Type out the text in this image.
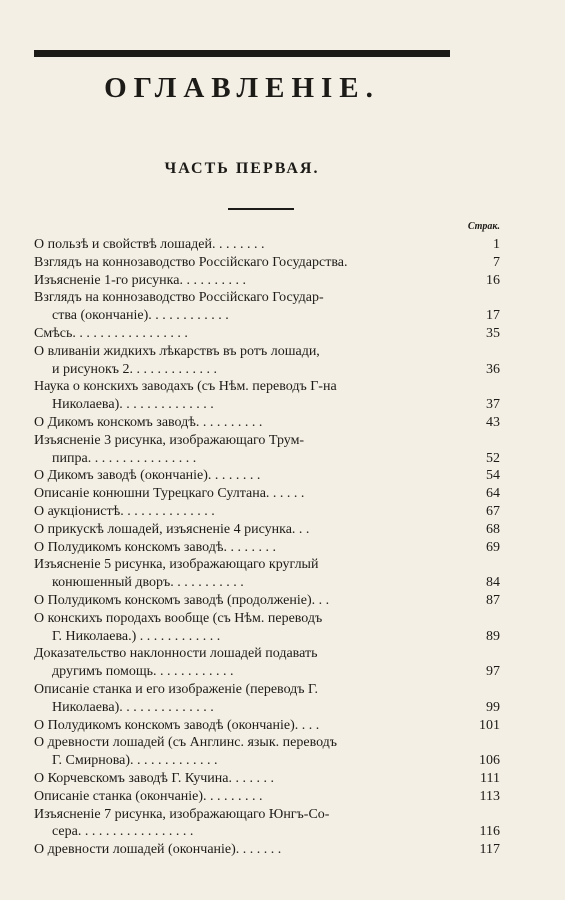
ОГЛАВЛЕНІЕ.
ЧАСТЬ ПЕРВАЯ.
Страк.
О пользѣ и свойствѣ лошадей. . . . . . . .	1
Взглядъ на коннозаводство Россійскаго Государства.	7
Изъясненіе 1-го рисунка. . . . . . . . . .	16
Взглядъ на коннозаводство Россійскаго Государ-
ства (окончаніе). . . . . . . . . . . .	17
Смѣсь. . . . . . . . . . . . . . . . .	35
О вливаніи жидкихъ лѣкарствъ въ ротъ лошади,
и рисунокъ 2. . . . . . . . . . . . .	36
Наука о конскихъ заводахъ (съ Нѣм. переводъ Г-на
Николаева). . . . . . . . . . . . . .	37
О Дикомъ конскомъ заводѣ. . . . . . . . . .	43
Изъясненіе 3 рисунка, изображающаго Трум-
пипра. . . . . . . . . . . . . . . .	52
О Дикомъ заводѣ (окончаніе). . . . . . . .	54
Описаніе конюшни Турецкаго Султана. . . . . .	64
О аукціонистѣ. . . . . . . . . . . . . .	67
О прикускѣ лошадей, изъясненіе 4 рисунка. . .	68
О Полудикомъ конскомъ заводѣ. . . . . . . .	69
Изъясненіе 5 рисунка, изображающаго круглый
конюшенный дворъ. . . . . . . . . . .	84
О Полудикомъ конскомъ заводѣ (продолженіе). . .	87
О конскихъ породахъ вообще (съ Нѣм. переводъ
Г. Николаева.) . . . . . . . . . . . .	89
Доказательство наклонности лошадей подавать
другимъ помощь. . . . . . . . . . . .	97
Описаніе станка и его изображеніе (переводъ Г.
Николаева). . . . . . . . . . . . . .	99
О Полудикомъ конскомъ заводѣ (окончаніе). . . .	101
О древности лошадей (съ Англинс. язык. переводъ
Г. Смирнова). . . . . . . . . . . . .	106
О Корчевскомъ заводѣ Г. Кучина. . . . . . .	111
Описаніе станка (окончаніе). . . . . . . . .	113
Изъясненіе 7 рисунка, изображающаго Юнгъ-Со-
серa. . . . . . . . . . . . . . . . .	116
О древности лошадей (окончаніе). . . . . . .	117
